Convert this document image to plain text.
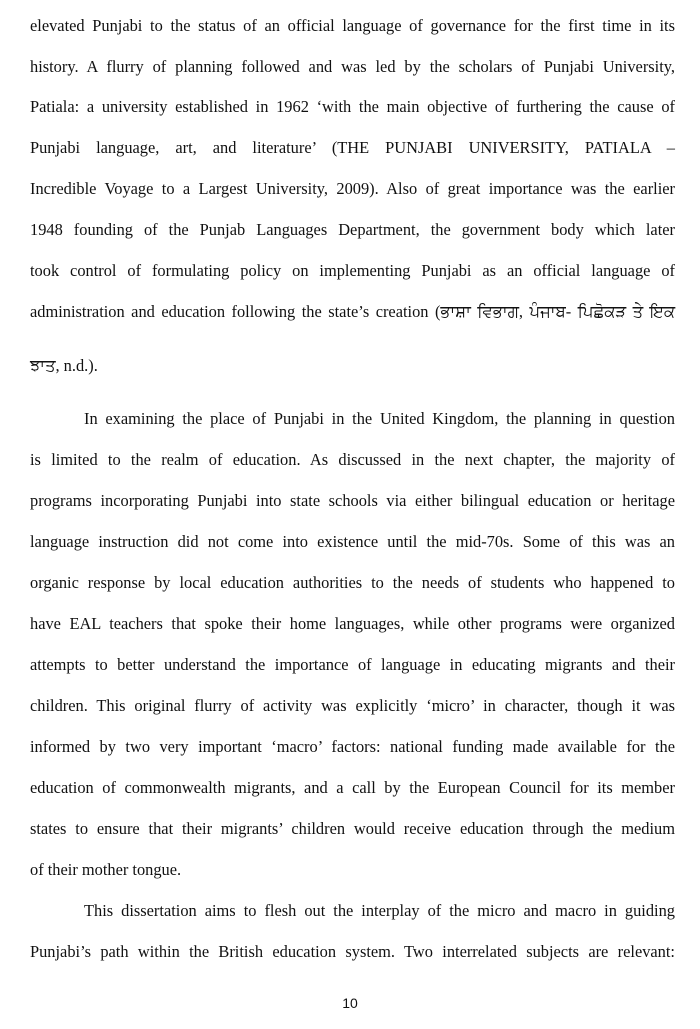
elevated Punjabi to the status of an official language of governance for the first time in its
history. A flurry of planning followed and was led by the scholars of Punjabi University,
Patiala: a university established in 1962 ‘with the main objective of furthering the cause of
Punjabi language, art, and literature’ (THE PUNJABI UNIVERSITY, PATIALA –
Incredible Voyage to a Largest University, 2009). Also of great importance was the earlier
1948 founding of the Punjab Languages Department, the government body which later
took control of formulating policy on implementing Punjabi as an official language of
administration and education following the state’s creation (ਭਾਸ਼ਾ ਵਿਭਾਗ, ਪੰਜਾਬ- ਪਿਛੋਕੜ ਤੇ ਇਕ
ਝਾਤ, n.d.).
In examining the place of Punjabi in the United Kingdom, the planning in question
is limited to the realm of education. As discussed in the next chapter, the majority of
programs incorporating Punjabi into state schools via either bilingual education or heritage
language instruction did not come into existence until the mid-70s. Some of this was an
organic response by local education authorities to the needs of students who happened to
have EAL teachers that spoke their home languages, while other programs were organized
attempts to better understand the importance of language in educating migrants and their
children. This original flurry of activity was explicitly ‘micro’ in character, though it was
informed by two very important ‘macro’ factors: national funding made available for the
education of commonwealth migrants, and a call by the European Council for its member
states to ensure that their migrants’ children would receive education through the medium
of their mother tongue.
This dissertation aims to flesh out the interplay of the micro and macro in guiding
Punjabi’s path within the British education system. Two interrelated subjects are relevant:
10
